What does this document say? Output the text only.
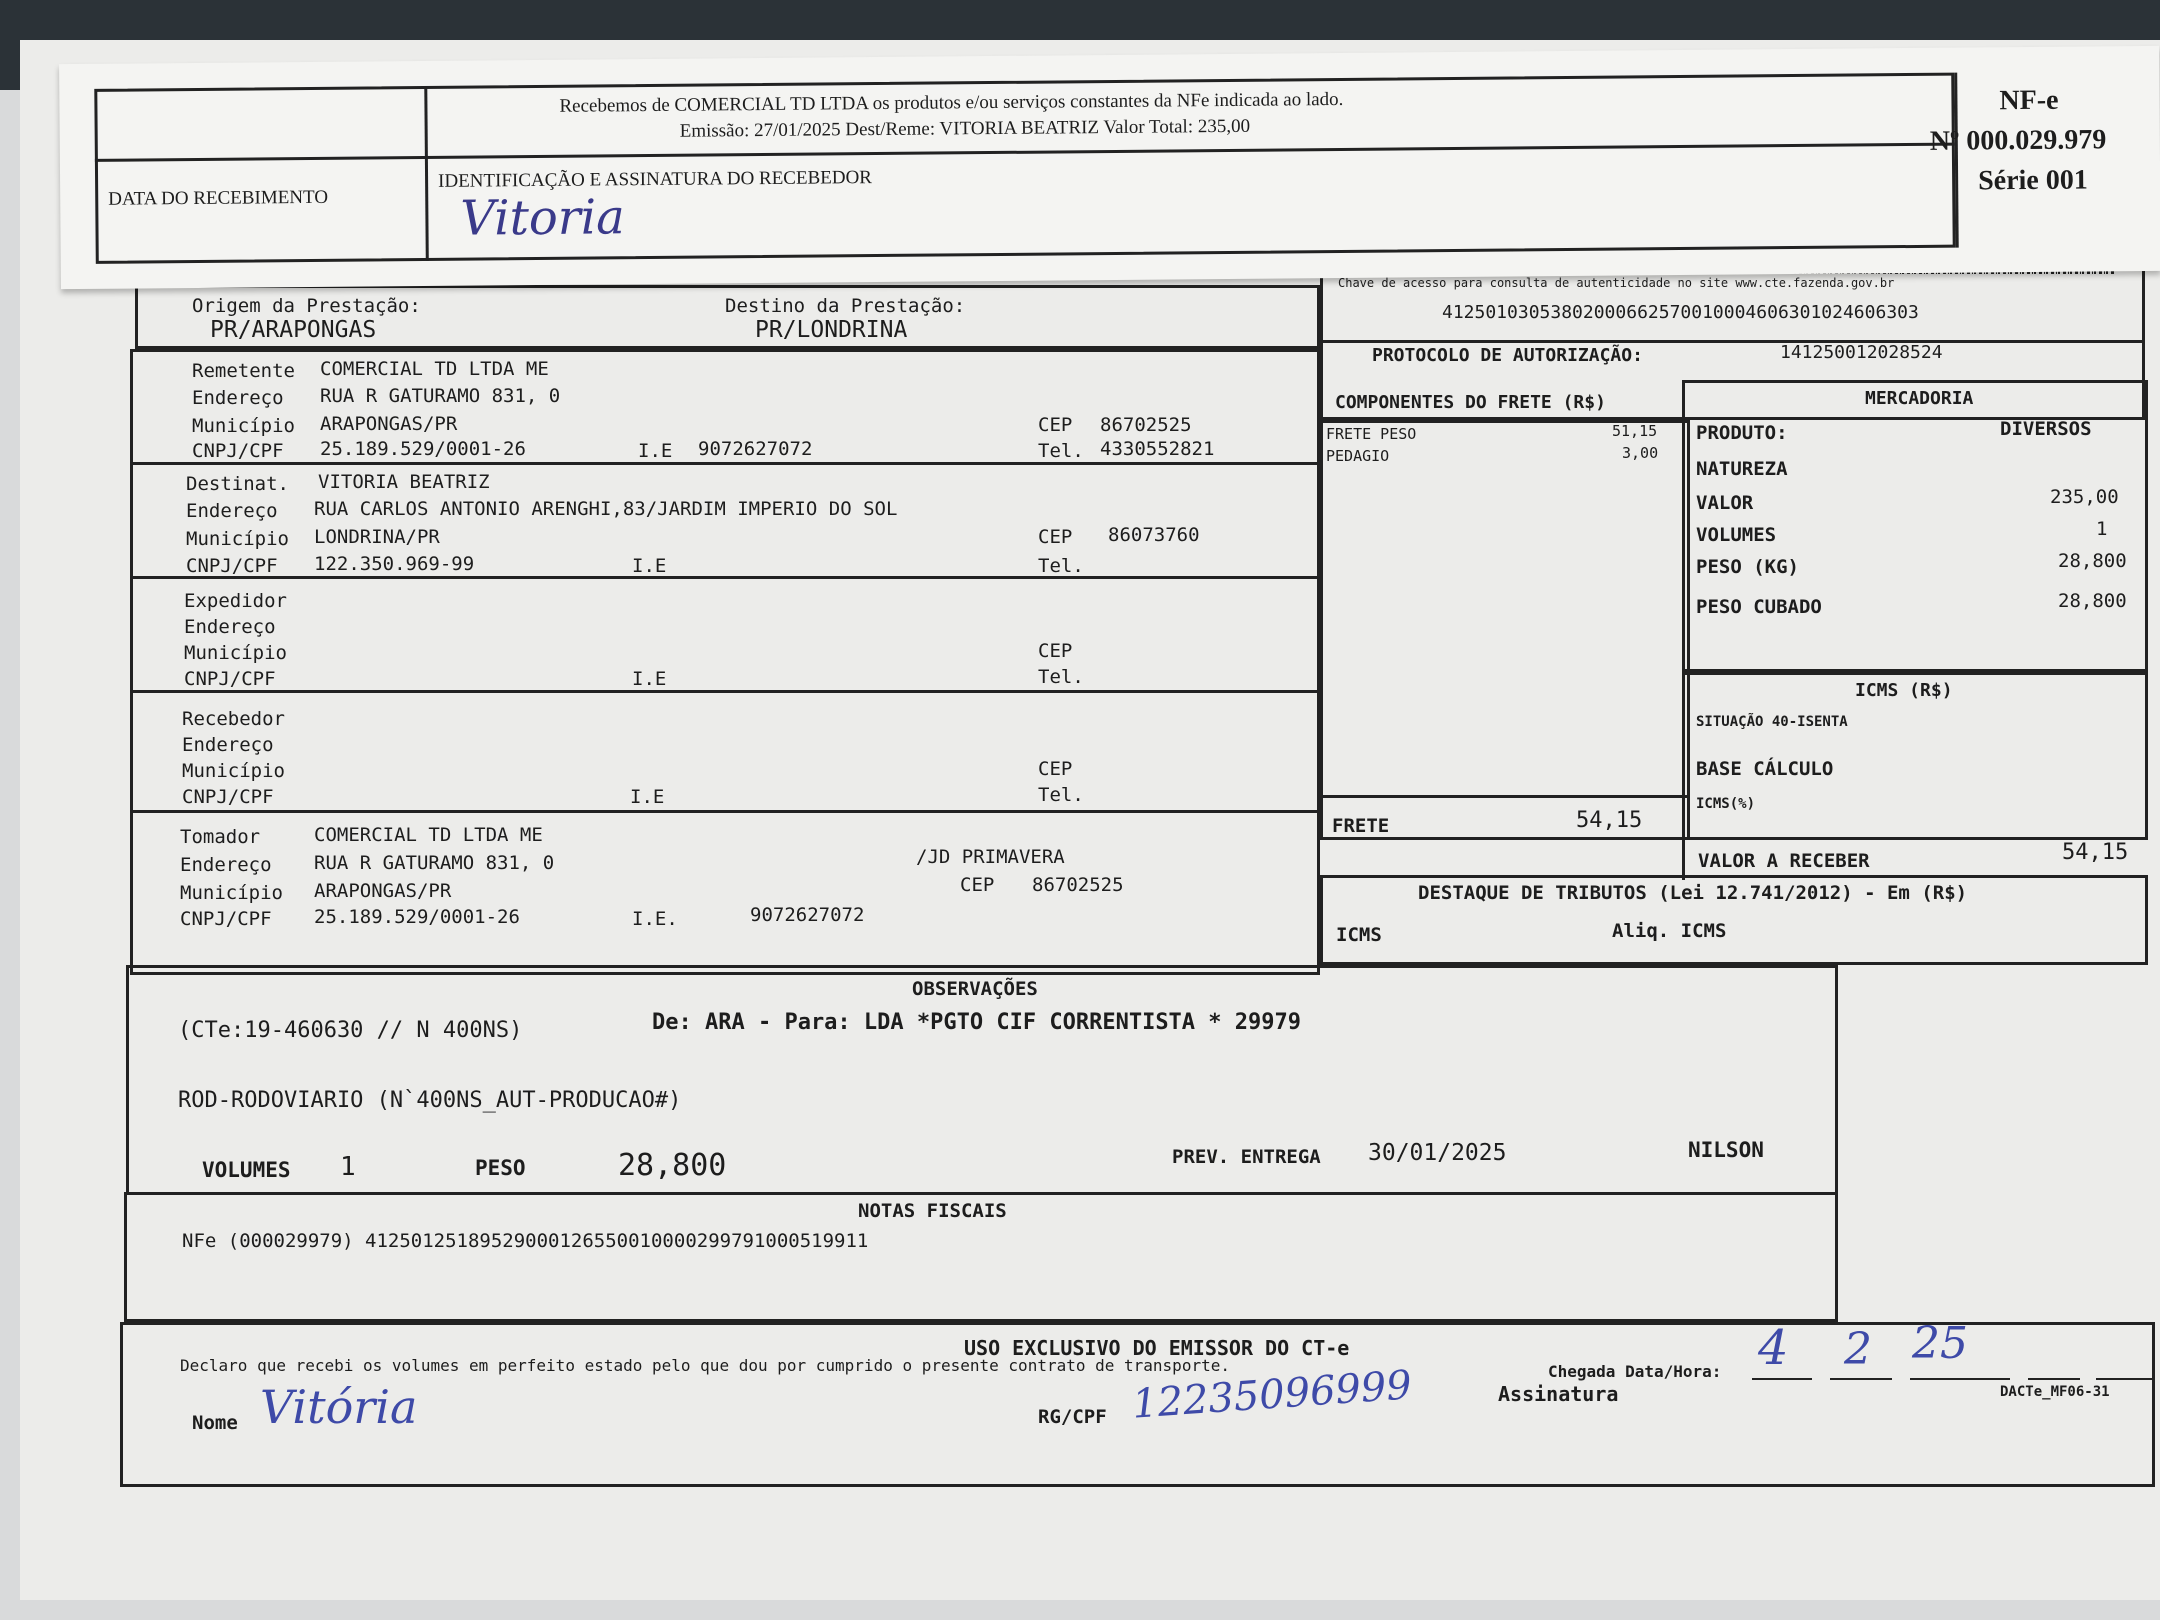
Chave de acesso para consulta de autenticidade no site www.cte.fazenda.gov.br
41250103053802000662570010004606301024606303
PROTOCOLO DE AUTORIZAÇÃO:	141250012028524
Origem da Prestação:
PR/ARAPONGAS
Destino da Prestação:
PR/LONDRINA
Remetente COMERCIAL TD LTDA ME
Endereço RUA R GATURAMO 831, 0
Município ARAPONGAS/PR	CEP 86702525
CNPJ/CPF 25.189.529/0001-26	I.E 9072627072	Tel. 4330552821
Destinat. VITORIA BEATRIZ
Endereço RUA CARLOS ANTONIO ARENGHI,83/JARDIM IMPERIO DO SOL
Município LONDRINA/PR	CEP 86073760
CNPJ/CPF 122.350.969-99	I.E	Tel.
Expedidor
Endereço
Município	CEP
CNPJ/CPF	I.E	Tel.
Recebedor
Endereço
Município	CEP
CNPJ/CPF	I.E	Tel.
Tomador	COMERCIAL TD LTDA ME
Endereço RUA R GATURAMO 831, 0	/JD PRIMAVERA
Município ARAPONGAS/PR	CEP 86702525
CNPJ/CPF 25.189.529/0001-26	I.E.	9072627072
COMPONENTES DO FRETE (R$)
FRETE PESO	51,15
PEDAGIO	3,00
FRETE	54,15
MERCADORIA
PRODUTO:	DIVERSOS
NATUREZA
VALOR	235,00
VOLUMES	1
PESO (KG)	28,800
PESO CUBADO	28,800
ICMS (R$)
SITUAÇÃO 40-ISENTA
BASE CÁLCULO
ICMS(%)
VALOR A RECEBER	54,15
DESTAQUE DE TRIBUTOS (Lei 12.741/2012) - Em (R$)
ICMS	Aliq. ICMS
OBSERVAÇÕES
(CTe:19-460630 // N 400NS)	De: ARA - Para: LDA *PGTO CIF CORRENTISTA * 29979
ROD-RODOVIARIO (N`400NS_AUT-PRODUCAO#)
VOLUMES 1	PESO	28,800	PREV. ENTREGA 30/01/2025	NILSON
NOTAS FISCAIS
NFe (000029979) 41250125189529000126550010000299791000519911
USO EXCLUSIVO DO EMISSOR DO CT-e
Declaro que recebi os volumes em perfeito estado pelo que dou por cumprido o presente contrato de transporte.	Chegada Data/Hora: 4 2 25
Nome Vitória	RG/CPF 12235096999	Assinatura	DACTe_MF06-31
Recebemos de COMERCIAL TD LTDA os produtos e/ou serviços constantes da NFe indicada ao lado.
Emissão: 27/01/2025 Dest/Reme: VITORIA BEATRIZ Valor Total: 235,00
DATA DO RECEBIMENTO
IDENTIFICAÇÃO E ASSINATURA DO RECEBEDOR
Vitoria
NF-e
Nº 000.029.979
Série 001
